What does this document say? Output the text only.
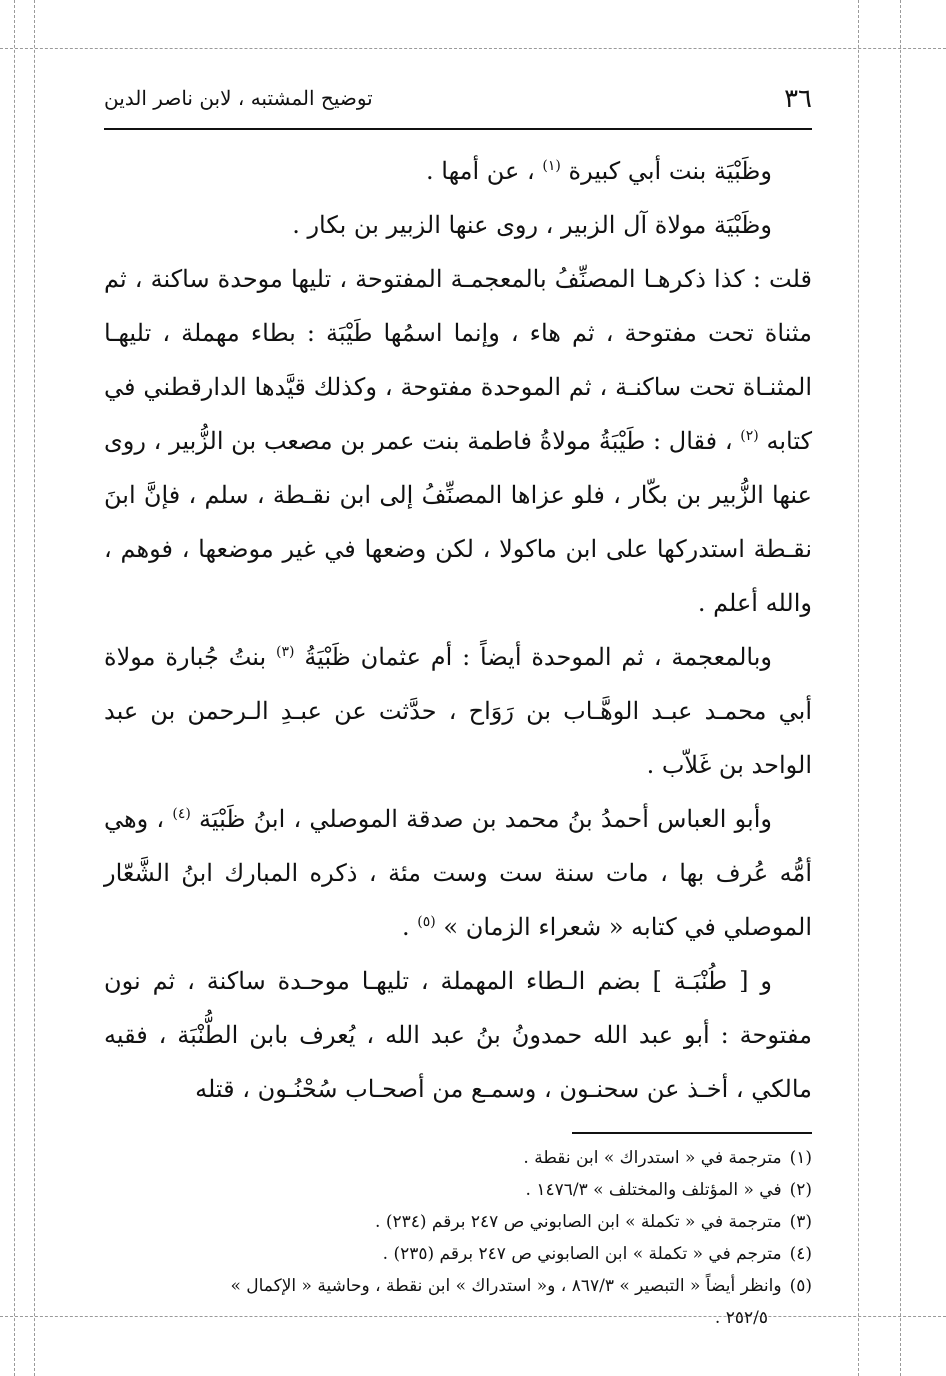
٣٦
توضيح المشتبه ، لابن ناصر الدين

وظَبْيَة بنت أبي كبيرة $^{(١)}$ ، عن أمها .

وظَبْيَة مولاة آل الزبير ، روى عنها الزبير بن بكار .

قلت : كذا ذكرهـا المصنِّفُ بالمعجمـة المفتوحة ، تليها موحدة ساكنة ، ثم مثناة تحت مفتوحة ، ثم هاء ، وإنما اسمُها طَيْبَة : بطاء مهملة ، تليهـا المثنـاة تحت ساكنـة ، ثم الموحدة مفتوحة ، وكذلك قيَّدها الدارقطني في كتابه $^{(٢)}$ ، فقال : طَيْبَةُ مولاةُ فاطمة بنت عمر بن مصعب بن الزُّبير ، روى عنها الزُّبير بن بكّار ، فلو عزاها المصنِّفُ إلى ابن نقـطة ، سلم ، فإنَّ ابنَ نقـطة استدركها على ابن ماكولا ، لكن وضعها في غير موضعها ، فوهم ، والله أعلم .

وبالمعجمة ، ثم الموحدة أيضاً : أم عثمان ظَبْيَةُ $^{(٣)}$ بنتُ جُبارة مولاة أبي محمـد عبـد الوهَّـاب بن رَوَاح ، حدَّثت عن عبـدِ الـرحمن بن عبد الواحد بن غَلاّب .

وأبو العباس أحمدُ بنُ محمد بن صدقة الموصلي ، ابنُ ظَبْيَة $^{(٤)}$ ، وهي أمُّه عُرف بها ، مات سنة ست وست مئة ، ذكره المبارك ابنُ الشَّعّار الموصلي في كتابه « شعراء الزمان » $^{(٥)}$ .

و [ طُنْبَـة ] بضم الـطاء المهملة ، تليهـا موحـدة ساكنة ، ثم نون مفتوحة : أبو عبد الله حمدونُ بنُ عبد الله ، يُعرف بابن الطُّنْبَة ، فقيه مالكي ، أخـذ عن سحنـون ، وسمـع من أصحـاب سُحْنُـون ، قتله

(١)مترجمة في « استدراك » ابن نقطة .

(٢)في « المؤتلف والمختلف » ١٤٧٦/٣ .

(٣)مترجمة في « تكملة » ابن الصابوني ص ٢٤٧ برقم (٢٣٤) .

(٤)مترجم في « تكملة » ابن الصابوني ص ٢٤٧ برقم (٢٣٥) .

(٥)وانظر أيضاً « التبصير » ٨٦٧/٣ ، و« استدراك » ابن نقطة ، وحاشية « الإكمال »

٢٥٢/٥ .
